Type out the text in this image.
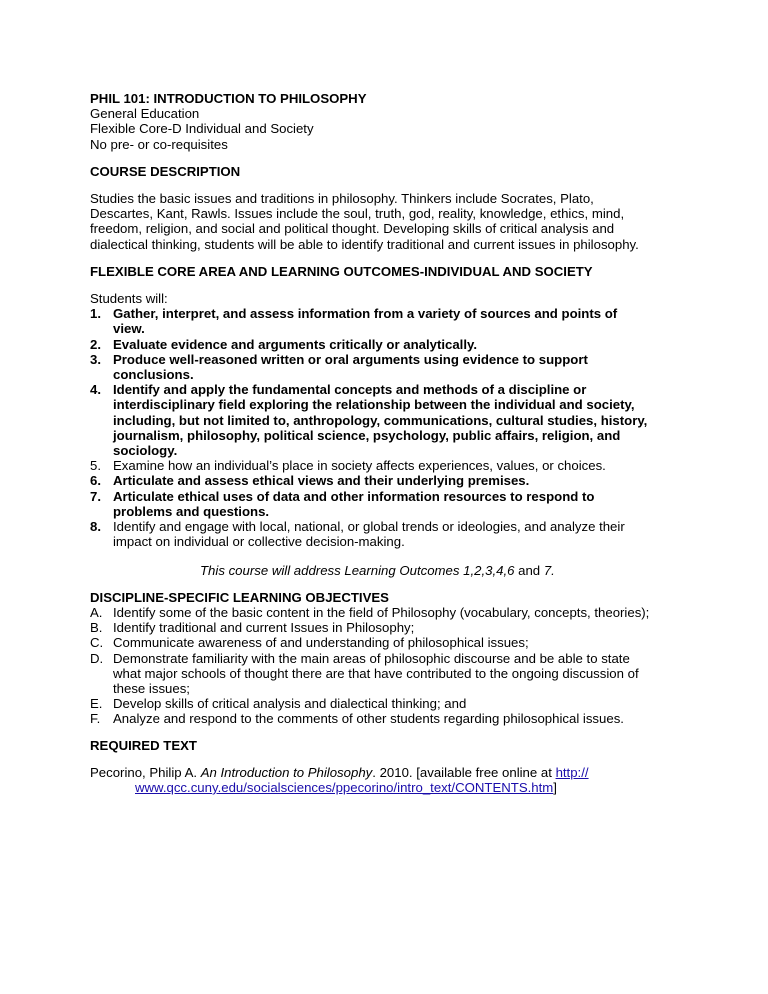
PHIL 101: INTRODUCTION TO PHILOSOPHY
General Education
Flexible Core-D Individual and Society
No pre- or co-requisites
COURSE DESCRIPTION
Studies the basic issues and traditions in philosophy. Thinkers include Socrates, Plato,
Descartes, Kant, Rawls. Issues include the soul, truth, god, reality, knowledge, ethics, mind,
freedom, religion, and social and political thought. Developing skills of critical analysis and
dialectical thinking, students will be able to identify traditional and current issues in philosophy.
FLEXIBLE CORE AREA AND LEARNING OUTCOMES-INDIVIDUAL AND SOCIETY
Students will:
1. Gather, interpret, and assess information from a variety of sources and points of
view.
2. Evaluate evidence and arguments critically or analytically.
3. Produce well-reasoned written or oral arguments using evidence to support
conclusions.
4. Identify and apply the fundamental concepts and methods of a discipline or
interdisciplinary field exploring the relationship between the individual and society,
including, but not limited to, anthropology, communications, cultural studies, history,
journalism, philosophy, political science, psychology, public affairs, religion, and
sociology.
5. Examine how an individual’s place in society affects experiences, values, or choices.
6. Articulate and assess ethical views and their underlying premises.
7. Articulate ethical uses of data and other information resources to respond to
problems and questions.
8. Identify and engage with local, national, or global trends or ideologies, and analyze their
impact on individual or collective decision-making.
This course will address Learning Outcomes 1,2,3,4,6 and 7.
DISCIPLINE-SPECIFIC LEARNING OBJECTIVES
A. Identify some of the basic content in the field of Philosophy (vocabulary, concepts, theories);
B. Identify traditional and current Issues in Philosophy;
C. Communicate awareness of and understanding of philosophical issues;
D. Demonstrate familiarity with the main areas of philosophic discourse and be able to state
what major schools of thought there are that have contributed to the ongoing discussion of
these issues;
E. Develop skills of critical analysis and dialectical thinking; and
F. Analyze and respond to the comments of other students regarding philosophical issues.
REQUIRED TEXT
Pecorino, Philip A. An Introduction to Philosophy. 2010. [available free online at http://
www.qcc.cuny.edu/socialsciences/ppecorino/intro_text/CONTENTS.htm]
